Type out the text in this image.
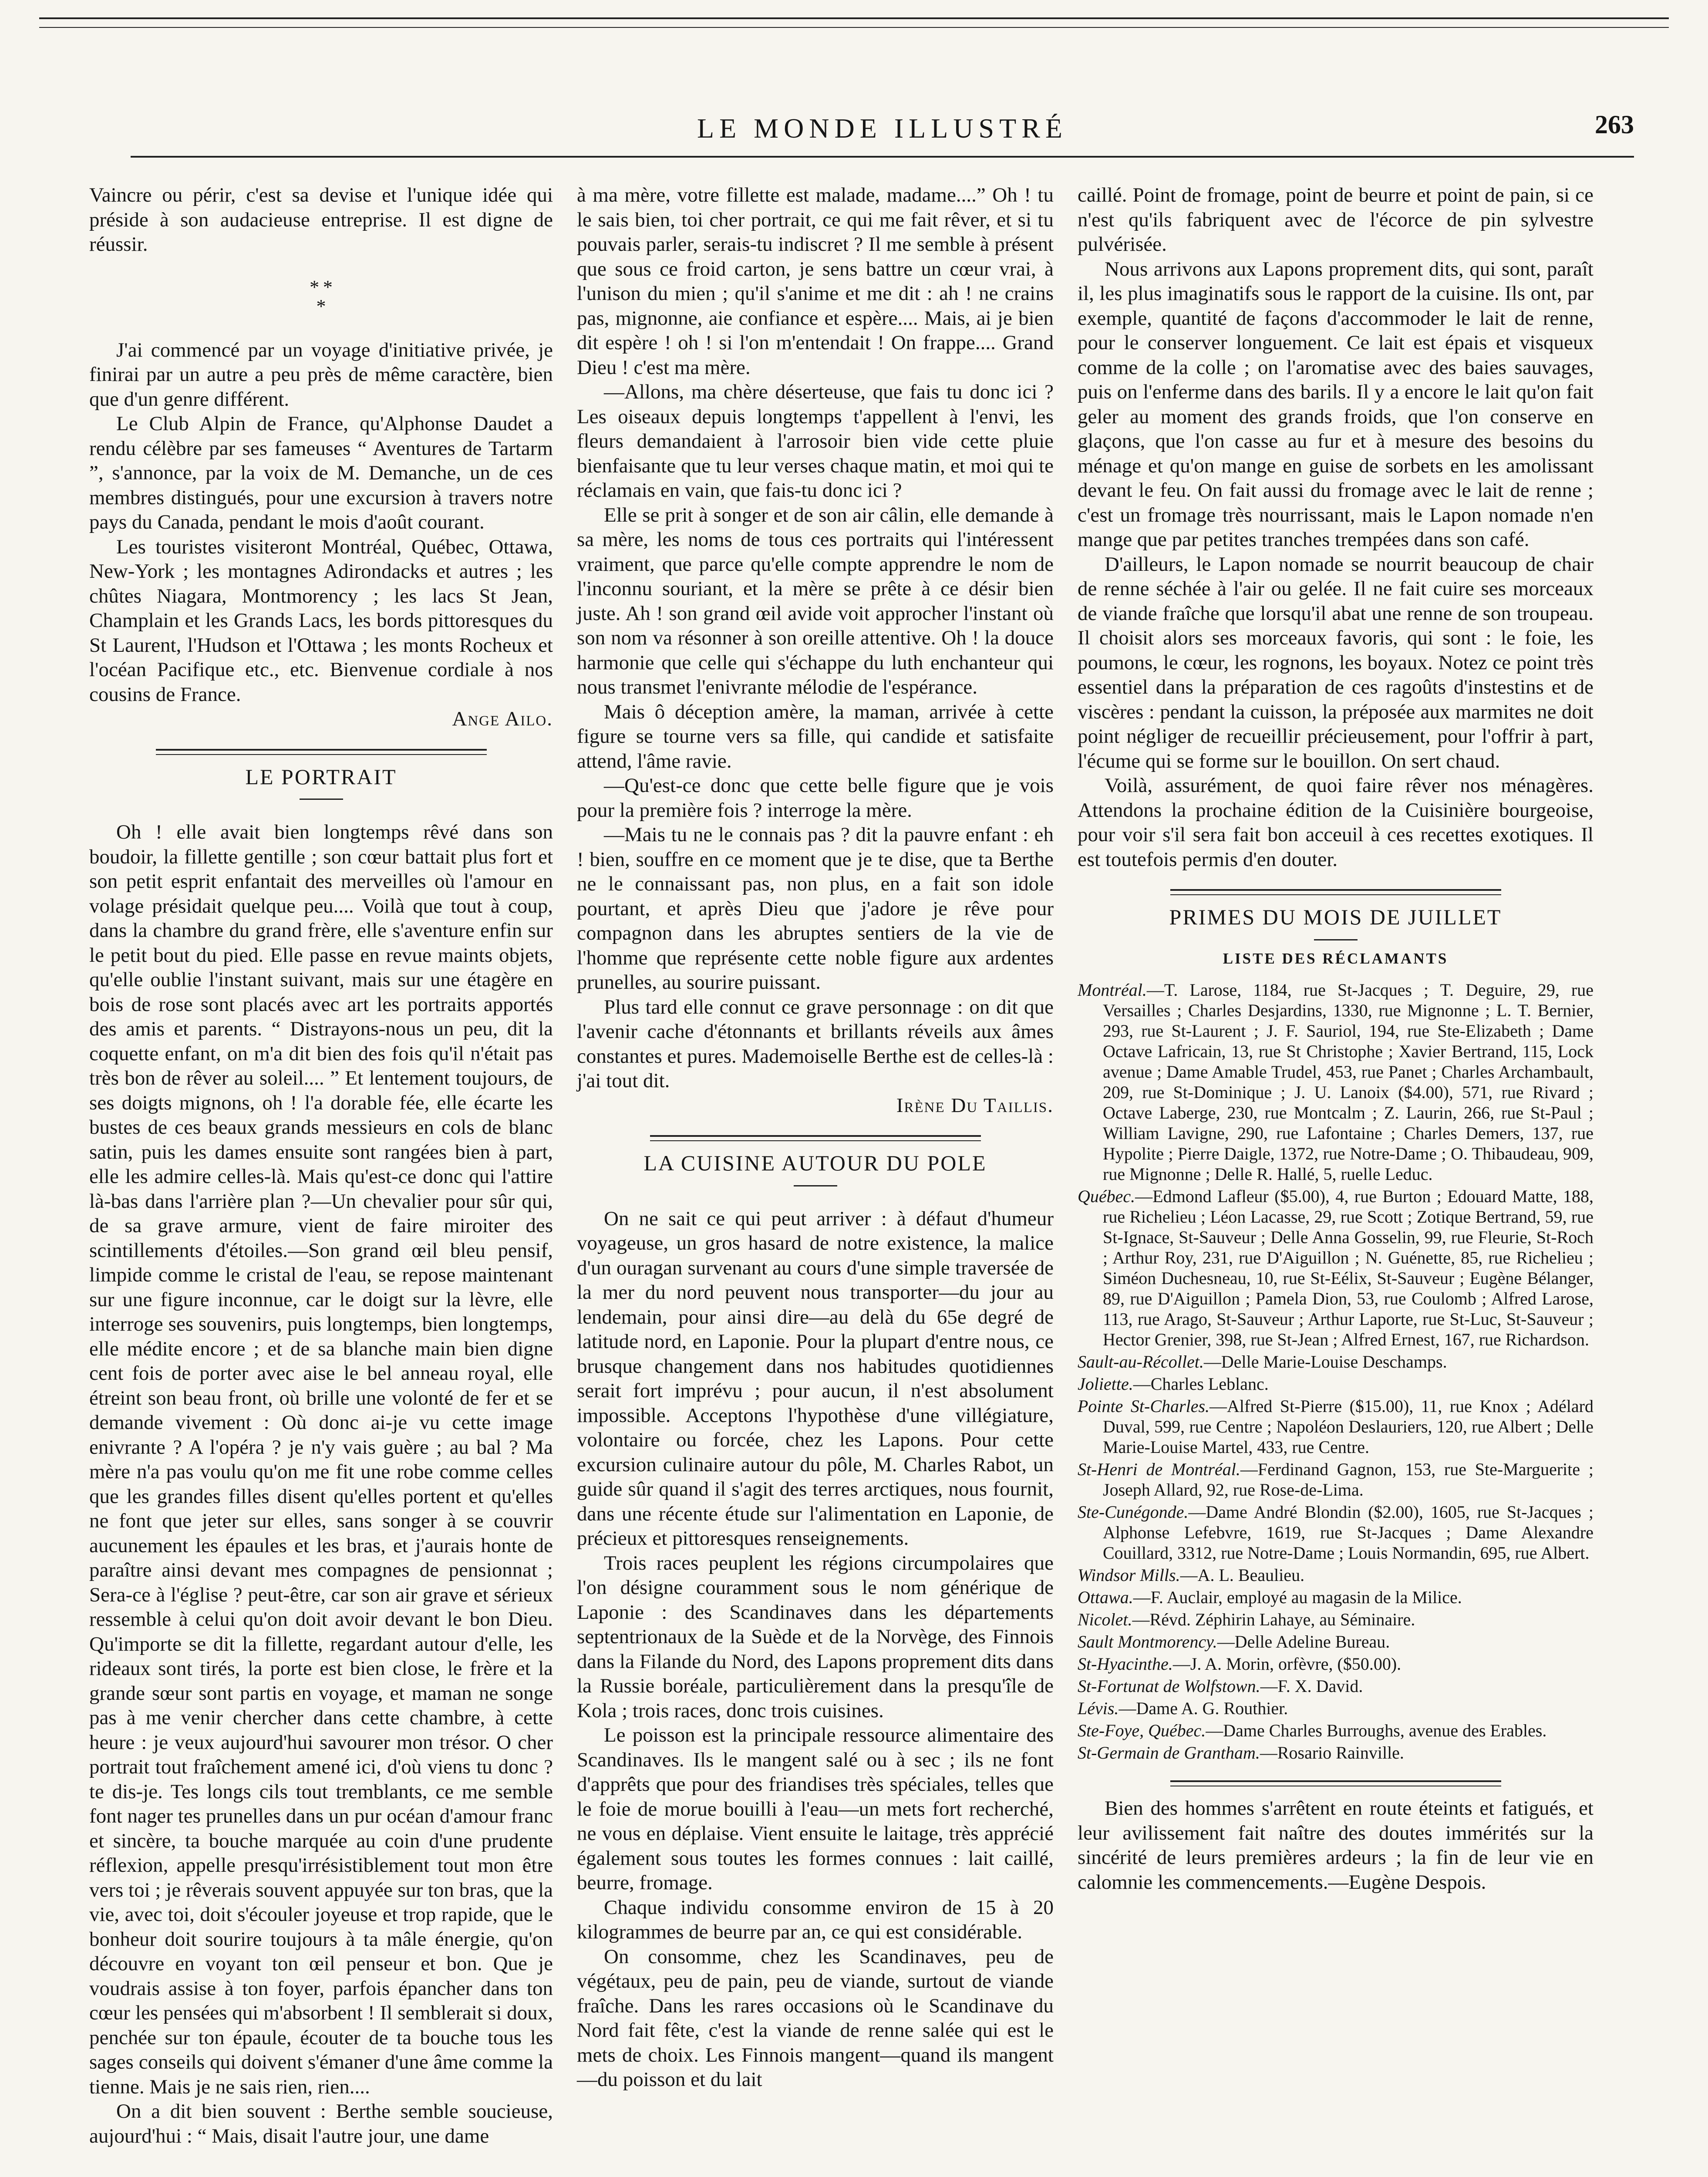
LE MONDE ILLUSTRÉ	263

Vaincre ou périr, c'est sa devise et l'unique idée qui préside à son audacieuse entreprise. Il est digne de réussir.

* *
*

J'ai commencé par un voyage d'initiative privée, je finirai par un autre a peu près de même caractère, bien que d'un genre différent.

Le Club Alpin de France, qu'Alphonse Daudet a rendu célèbre par ses fameuses “ Aventures de Tartarm ”, s'annonce, par la voix de M. Demanche, un de ces membres distingués, pour une excursion à travers notre pays du Canada, pendant le mois d'août courant.

Les touristes visiteront Montréal, Québec, Ottawa, New-York ; les montagnes Adirondacks et autres ; les chûtes Niagara, Montmorency ; les lacs St Jean, Champlain et les Grands Lacs, les bords pittoresques du St Laurent, l'Hudson et l'Ottawa ; les monts Rocheux et l'océan Pacifique etc., etc. Bienvenue cordiale à nos cousins de France.

Ange Ailo.
LE PORTRAIT

Oh ! elle avait bien longtemps rêvé dans son boudoir, la fillette gentille ; son cœur battait plus fort et son petit esprit enfantait des merveilles où l'amour en volage présidait quelque peu.... Voilà que tout à coup, dans la chambre du grand frère, elle s'aventure enfin sur le petit bout du pied. Elle passe en revue maints objets, qu'elle oublie l'instant suivant, mais sur une étagère en bois de rose sont placés avec art les portraits apportés des amis et parents. “ Distrayons-nous un peu, dit la coquette enfant, on m'a dit bien des fois qu'il n'était pas très bon de rêver au soleil.... ” Et lentement toujours, de ses doigts mignons, oh ! l'a dorable fée, elle écarte les bustes de ces beaux grands messieurs en cols de blanc satin, puis les dames ensuite sont rangées bien à part, elle les admire celles-là. Mais qu'est-ce donc qui l'attire là-bas dans l'arrière plan ?—Un chevalier pour sûr qui, de sa grave armure, vient de faire miroiter des scintillements d'étoiles.—Son grand œil bleu pensif, limpide comme le cristal de l'eau, se repose maintenant sur une figure inconnue, car le doigt sur la lèvre, elle interroge ses souvenirs, puis longtemps, bien longtemps, elle médite encore ; et de sa blanche main bien digne cent fois de porter avec aise le bel anneau royal, elle étreint son beau front, où brille une volonté de fer et se demande vivement : Où donc ai-je vu cette image enivrante ? A l'opéra ? je n'y vais guère ; au bal ? Ma mère n'a pas voulu qu'on me fit une robe comme celles que les grandes filles disent qu'elles portent et qu'elles ne font que jeter sur elles, sans songer à se couvrir aucunement les épaules et les bras, et j'aurais honte de paraître ainsi devant mes compagnes de pensionnat ; Sera-ce à l'église ? peut-être, car son air grave et sérieux ressemble à celui qu'on doit avoir devant le bon Dieu. Qu'importe se dit la fillette, regardant autour d'elle, les rideaux sont tirés, la porte est bien close, le frère et la grande sœur sont partis en voyage, et maman ne songe pas à me venir chercher dans cette chambre, à cette heure : je veux aujourd'hui savourer mon trésor. O cher portrait tout fraîchement amené ici, d'où viens tu donc ? te dis-je. Tes longs cils tout tremblants, ce me semble font nager tes prunelles dans un pur océan d'amour franc et sincère, ta bouche marquée au coin d'une prudente réflexion, appelle presqu'irrésistiblement tout mon être vers toi ; je rêverais souvent appuyée sur ton bras, que la vie, avec toi, doit s'écouler joyeuse et trop rapide, que le bonheur doit sourire toujours à ta mâle énergie, qu'on découvre en voyant ton œil penseur et bon. Que je voudrais assise à ton foyer, parfois épancher dans ton cœur les pensées qui m'absorbent ! Il semblerait si doux, penchée sur ton épaule, écouter de ta bouche tous les sages conseils qui doivent s'émaner d'une âme comme la tienne. Mais je ne sais rien, rien....

On a dit bien souvent : Berthe semble soucieuse, aujourd'hui : “ Mais, disait l'autre jour, une dame

à ma mère, votre fillette est malade, madame....” Oh ! tu le sais bien, toi cher portrait, ce qui me fait rêver, et si tu pouvais parler, serais-tu indiscret ? Il me semble à présent que sous ce froid carton, je sens battre un cœur vrai, à l'unison du mien ; qu'il s'anime et me dit : ah ! ne crains pas, mignonne, aie confiance et espère.... Mais, ai je bien dit espère ! oh ! si l'on m'entendait ! On frappe.... Grand Dieu ! c'est ma mère.

—Allons, ma chère déserteuse, que fais tu donc ici ? Les oiseaux depuis longtemps t'appellent à l'envi, les fleurs demandaient à l'arrosoir bien vide cette pluie bienfaisante que tu leur verses chaque matin, et moi qui te réclamais en vain, que fais-tu donc ici ?

Elle se prit à songer et de son air câlin, elle demande à sa mère, les noms de tous ces portraits qui l'intéressent vraiment, que parce qu'elle compte apprendre le nom de l'inconnu souriant, et la mère se prête à ce désir bien juste. Ah ! son grand œil avide voit approcher l'instant où son nom va résonner à son oreille attentive. Oh ! la douce harmonie que celle qui s'échappe du luth enchanteur qui nous transmet l'enivrante mélodie de l'espérance.

Mais ô déception amère, la maman, arrivée à cette figure se tourne vers sa fille, qui candide et satisfaite attend, l'âme ravie.

—Qu'est-ce donc que cette belle figure que je vois pour la première fois ? interroge la mère.

—Mais tu ne le connais pas ? dit la pauvre enfant : eh ! bien, souffre en ce moment que je te dise, que ta Berthe ne le connaissant pas, non plus, en a fait son idole pourtant, et après Dieu que j'adore je rêve pour compagnon dans les abruptes sentiers de la vie de l'homme que représente cette noble figure aux ardentes prunelles, au sourire puissant.

Plus tard elle connut ce grave personnage : on dit que l'avenir cache d'étonnants et brillants réveils aux âmes constantes et pures. Mademoiselle Berthe est de celles-là : j'ai tout dit.

Irène Du Taillis.
LA CUISINE AUTOUR DU POLE

On ne sait ce qui peut arriver : à défaut d'humeur voyageuse, un gros hasard de notre existence, la malice d'un ouragan survenant au cours d'une simple traversée de la mer du nord peuvent nous transporter—du jour au lendemain, pour ainsi dire—au delà du 65e degré de latitude nord, en Laponie. Pour la plupart d'entre nous, ce brusque changement dans nos habitudes quotidiennes serait fort imprévu ; pour aucun, il n'est absolument impossible. Acceptons l'hypothèse d'une villégiature, volontaire ou forcée, chez les Lapons. Pour cette excursion culinaire autour du pôle, M. Charles Rabot, un guide sûr quand il s'agit des terres arctiques, nous fournit, dans une récente étude sur l'alimentation en Laponie, de précieux et pittoresques renseignements.

Trois races peuplent les régions circumpolaires que l'on désigne couramment sous le nom générique de Laponie : des Scandinaves dans les départements septentrionaux de la Suède et de la Norvège, des Finnois dans la Filande du Nord, des Lapons proprement dits dans la Russie boréale, particulièrement dans la presqu'île de Kola ; trois races, donc trois cuisines.

Le poisson est la principale ressource alimentaire des Scandinaves. Ils le mangent salé ou à sec ; ils ne font d'apprêts que pour des friandises très spéciales, telles que le foie de morue bouilli à l'eau—un mets fort recherché, ne vous en déplaise. Vient ensuite le laitage, très apprécié également sous toutes les formes connues : lait caillé, beurre, fromage.

Chaque individu consomme environ de 15 à 20 kilogrammes de beurre par an, ce qui est considérable.

On consomme, chez les Scandinaves, peu de végétaux, peu de pain, peu de viande, surtout de viande fraîche. Dans les rares occasions où le Scandinave du Nord fait fête, c'est la viande de renne salée qui est le mets de choix. Les Finnois mangent—quand ils mangent—du poisson et du lait

caillé. Point de fromage, point de beurre et point de pain, si ce n'est qu'ils fabriquent avec de l'écorce de pin sylvestre pulvérisée.

Nous arrivons aux Lapons proprement dits, qui sont, paraît il, les plus imaginatifs sous le rapport de la cuisine. Ils ont, par exemple, quantité de façons d'accommoder le lait de renne, pour le conserver longuement. Ce lait est épais et visqueux comme de la colle ; on l'aromatise avec des baies sauvages, puis on l'enferme dans des barils. Il y a encore le lait qu'on fait geler au moment des grands froids, que l'on conserve en glaçons, que l'on casse au fur et à mesure des besoins du ménage et qu'on mange en guise de sorbets en les amolissant devant le feu. On fait aussi du fromage avec le lait de renne ; c'est un fromage très nourrissant, mais le Lapon nomade n'en mange que par petites tranches trempées dans son café.

D'ailleurs, le Lapon nomade se nourrit beaucoup de chair de renne séchée à l'air ou gelée. Il ne fait cuire ses morceaux de viande fraîche que lorsqu'il abat une renne de son troupeau. Il choisit alors ses morceaux favoris, qui sont : le foie, les poumons, le cœur, les rognons, les boyaux. Notez ce point très essentiel dans la préparation de ces ragoûts d'instestins et de viscères : pendant la cuisson, la préposée aux marmites ne doit point négliger de recueillir précieusement, pour l'offrir à part, l'écume qui se forme sur le bouillon. On sert chaud.

Voilà, assurément, de quoi faire rêver nos ménagères. Attendons la prochaine édition de la Cuisinière bourgeoise, pour voir s'il sera fait bon acceuil à ces recettes exotiques. Il est toutefois permis d'en douter.

PRIMES DU MOIS DE JUILLET
LISTE DES RÉCLAMANTS

Montréal.—T. Larose, 1184, rue St-Jacques ; T. Deguire, 29, rue Versailles ; Charles Desjardins, 1330, rue Mignonne ; L. T. Bernier, 293, rue St-Laurent ; J. F. Sauriol, 194, rue Ste-Elizabeth ; Dame Octave Lafricain, 13, rue St Christophe ; Xavier Bertrand, 115, Lock avenue ; Dame Amable Trudel, 453, rue Panet ; Charles Archambault, 209, rue St-Dominique ; J. U. Lanoix ($4.00), 571, rue Rivard ; Octave Laberge, 230, rue Montcalm ; Z. Laurin, 266, rue St-Paul ; William Lavigne, 290, rue Lafontaine ; Charles Demers, 137, rue Hypolite ; Pierre Daigle, 1372, rue Notre-Dame ; O. Thibaudeau, 909, rue Mignonne ; Delle R. Hallé, 5, ruelle Leduc.

Québec.—Edmond Lafleur ($5.00), 4, rue Burton ; Edouard Matte, 188, rue Richelieu ; Léon Lacasse, 29, rue Scott ; Zotique Bertrand, 59, rue St-Ignace, St-Sauveur ; Delle Anna Gosselin, 99, rue Fleurie, St-Roch ; Arthur Roy, 231, rue D'Aiguillon ; N. Guénette, 85, rue Richelieu ; Siméon Duchesneau, 10, rue St-Eélix, St-Sauveur ; Eugène Bélanger, 89, rue D'Aiguillon ; Pamela Dion, 53, rue Coulomb ; Alfred Larose, 113, rue Arago, St-Sauveur ; Arthur Laporte, rue St-Luc, St-Sauveur ; Hector Grenier, 398, rue St-Jean ; Alfred Ernest, 167, rue Richardson.

Sault-au-Récollet.—Delle Marie-Louise Deschamps.

Joliette.—Charles Leblanc.

Pointe St-Charles.—Alfred St-Pierre ($15.00), 11, rue Knox ; Adélard Duval, 599, rue Centre ; Napoléon Deslauriers, 120, rue Albert ; Delle Marie-Louise Martel, 433, rue Centre.

St-Henri de Montréal.—Ferdinand Gagnon, 153, rue Ste-Marguerite ; Joseph Allard, 92, rue Rose-de-Lima.

Ste-Cunégonde.—Dame André Blondin ($2.00), 1605, rue St-Jacques ; Alphonse Lefebvre, 1619, rue St-Jacques ; Dame Alexandre Couillard, 3312, rue Notre-Dame ; Louis Normandin, 695, rue Albert.

Windsor Mills.—A. L. Beaulieu.

Ottawa.—F. Auclair, employé au magasin de la Milice.

Nicolet.—Révd. Zéphirin Lahaye, au Séminaire.

Sault Montmorency.—Delle Adeline Bureau.

St-Hyacinthe.—J. A. Morin, orfèvre, ($50.00).

St-Fortunat de Wolfstown.—F. X. David.

Lévis.—Dame A. G. Routhier.

Ste-Foye, Québec.—Dame Charles Burroughs, avenue des Erables.

St-Germain de Grantham.—Rosario Rainville.

Bien des hommes s'arrêtent en route éteints et fatigués, et leur avilissement fait naître des doutes immérités sur la sincérité de leurs premières ardeurs ; la fin de leur vie en calomnie les commencements.—Eugène Despois.
